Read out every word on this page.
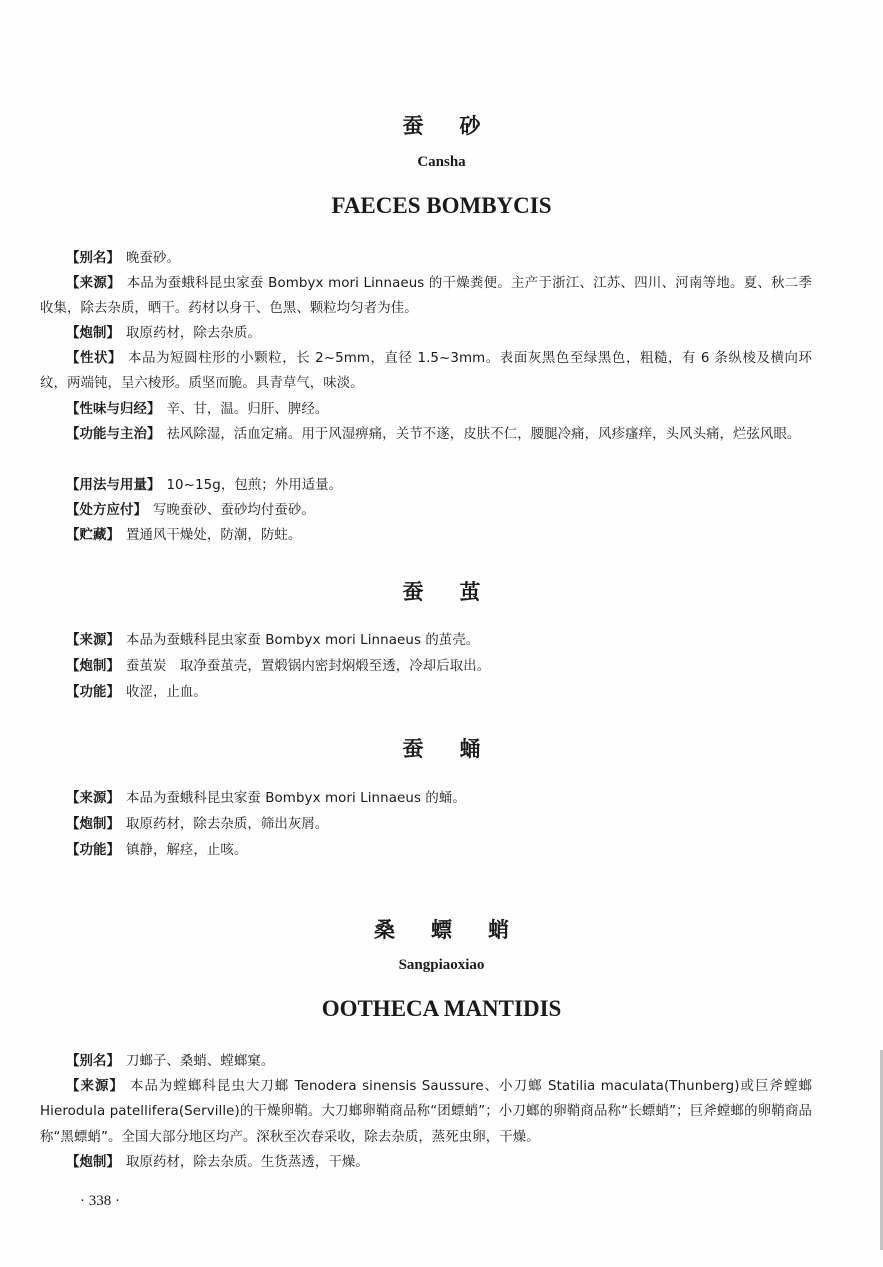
蚕砂
Cansha
FAECES BOMBYCIS
【别名】 晚蚕砂。
【来源】 本品为蚕蛾科昆虫家蚕 Bombyx mori Linnaeus 的干燥粪便。主产于浙江、江苏、四川、河南等地。夏、秋二季收集，除去杂质，晒干。药材以身干、色黑、颗粒均匀者为佳。
【炮制】 取原药材，除去杂质。
【性状】 本品为短圆柱形的小颗粒，长 2~5mm，直径 1.5~3mm。表面灰黑色至绿黑色，粗糙，有 6 条纵棱及横向环纹，两端钝，呈六棱形。质坚而脆。具青草气，味淡。
【性味与归经】 辛、甘，温。归肝、脾经。
【功能与主治】 祛风除湿，活血定痛。用于风湿痹痛，关节不遂，皮肤不仁，腰腿冷痛，风疹瘙痒，头风头痛，烂弦风眼。
【用法与用量】 10~15g，包煎；外用适量。
【处方应付】 写晚蚕砂、蚕砂均付蚕砂。
【贮藏】 置通风干燥处，防潮，防蛀。
蚕茧
【来源】 本品为蚕蛾科昆虫家蚕 Bombyx mori Linnaeus 的茧壳。
【炮制】 蚕茧炭　取净蚕茧壳，置煅锅内密封焖煅至透，冷却后取出。
【功能】 收涩，止血。
蚕蛹
【来源】 本品为蚕蛾科昆虫家蚕 Bombyx mori Linnaeus 的蛹。
【炮制】 取原药材，除去杂质，筛出灰屑。
【功能】 镇静，解痉，止咳。
桑螵蛸
Sangpiaoxiao
OOTHECA MANTIDIS
【别名】 刀螂子、桑蛸、螳螂窠。
【来源】 本品为螳螂科昆虫大刀螂 Tenodera sinensis Saussure、小刀螂 Statilia maculata(Thunberg)或巨斧螳螂 Hierodula patellifera(Serville)的干燥卵鞘。大刀螂卵鞘商品称“团螵蛸”；小刀螂的卵鞘商品称“长螵蛸”；巨斧螳螂的卵鞘商品称“黑螵蛸”。全国大部分地区均产。深秋至次春采收，除去杂质，蒸死虫卵，干燥。
【炮制】 取原药材，除去杂质。生货蒸透，干燥。
· 338 ·
